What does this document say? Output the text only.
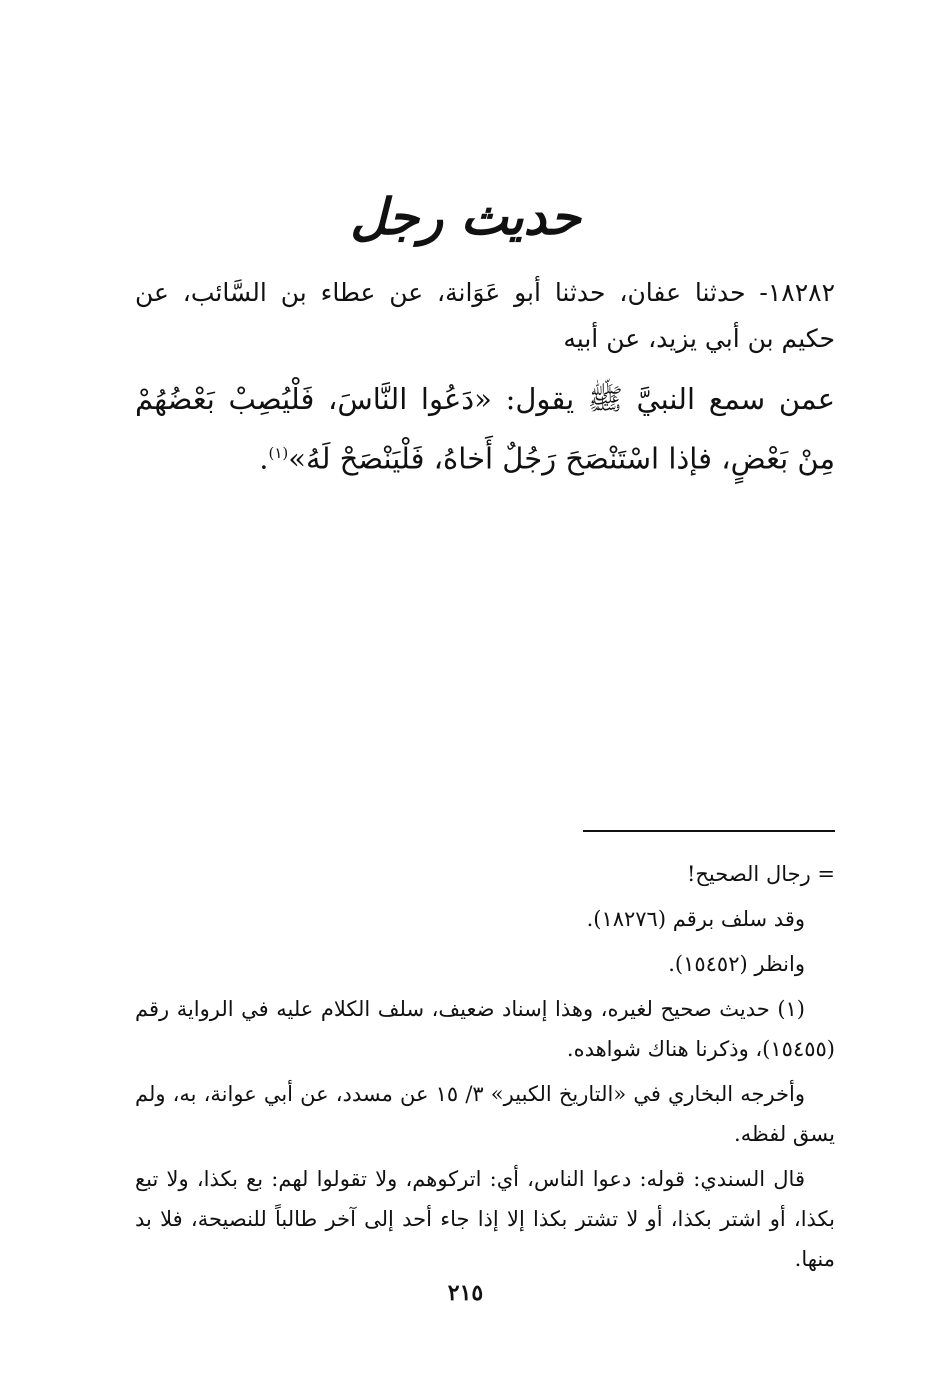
حديث رجل
١٨٢٨٢- حدثنا عفان، حدثنا أبو عَوَانة، عن عطاء بن السَّائب، عن حكيم بن أبي يزيد، عن أبيه
عمن سمع النبيَّ ﷺ يقول: «دَعُوا النَّاسَ، فَلْيُصِبْ بَعْضُهُمْ مِنْ بَعْضٍ، فإذا اسْتَنْصَحَ رَجُلٌ أَخاهُ، فَلْيَنْصَحْ لَهُ»$^{(١)}$.

= رجال الصحيح!

وقد سلف برقم (١٨٢٧٦).

وانظر (١٥٤٥٢).

(١) حديث صحيح لغيره، وهذا إسناد ضعيف، سلف الكلام عليه في الرواية رقم (١٥٤٥٥)، وذكرنا هناك شواهده.

وأخرجه البخاري في «التاريخ الكبير» ٣/ ١٥ عن مسدد، عن أبي عوانة، به، ولم يسق لفظه.

قال السندي: قوله: دعوا الناس، أي: اتركوهم، ولا تقولوا لهم: بع بكذا، ولا تبع بكذا، أو اشتر بكذا، أو لا تشتر بكذا إلا إذا جاء أحد إلى آخر طالباً للنصيحة، فلا بد منها.

٢١٥
